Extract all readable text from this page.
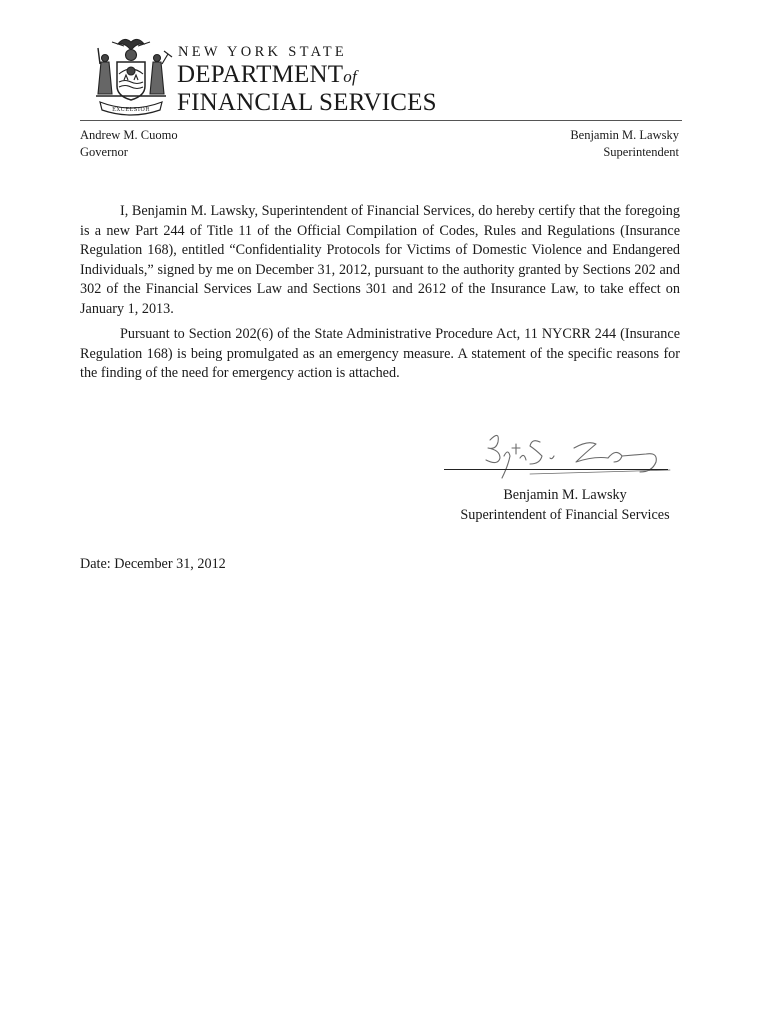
EXCELSIOR
NEW YORK STATE
DEPARTMENTof
FINANCIAL SERVICES
Andrew M. Cuomo
Governor
Benjamin M. Lawsky
Superintendent

I, Benjamin M. Lawsky, Superintendent of Financial Services, do hereby certify that the foregoing is a new Part 244 of Title 11 of the Official Compilation of Codes, Rules and Regulations (Insurance Regulation 168), entitled “Confidentiality Protocols for Victims of Domestic Violence and Endangered Individuals,” signed by me on December 31, 2012, pursuant to the authority granted by Sections 202 and 302 of the Financial Services Law and Sections 301 and 2612 of the Insurance Law, to take effect on January 1, 2013.

Pursuant to Section 202(6) of the State Administrative Procedure Act, 11 NYCRR 244 (Insurance Regulation 168) is being promulgated as an emergency measure. A statement of the specific reasons for the finding of the need for emergency action is attached.

Benjamin M. Lawsky
Superintendent of Financial Services
Date: December 31, 2012
